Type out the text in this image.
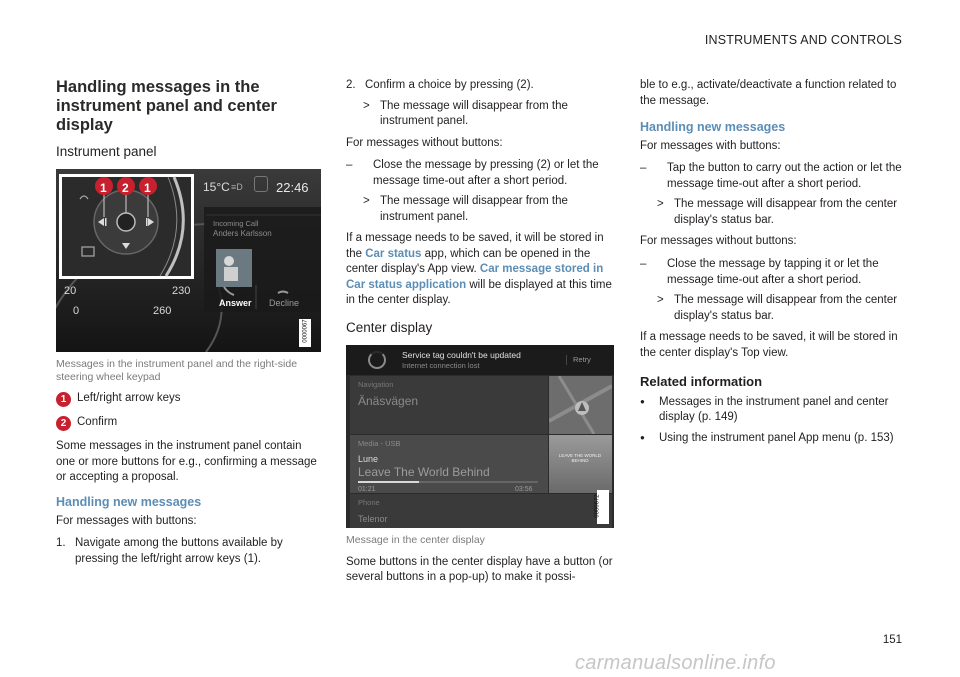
INSTRUMENTS AND CONTROLS
Handling messages in the
instrument panel and center display
Instrument panel
1 2 1	15°C ≡D	22:46
Incoming Call
Anders Karlsson
Answer Decline
20	230
0	260
0000067
Messages in the instrument panel and the right-side steering wheel keypad
1 Left/right arrow keys
2 Confirm

Some messages in the instrument panel contain one or more buttons for e.g., confirming a message or accepting a proposal.

Handling new messages

For messages with buttons:

1. Navigate among the buttons available by pressing the left/right arrow keys (1).
2. Confirm a choice by pressing (2).
> The message will disappear from the instrument panel.

For messages without buttons:

– Close the message by pressing (2) or let the message time-out after a short period.
> The message will disappear from the instrument panel.

If a message needs to be saved, it will be stored in the Car status app, which can be opened in the center display's App view. Car message stored in Car status application will be displayed at this time in the center display.

Center display
Service tag couldn't be updated
Internet connection lost
Retry
Navigation
Änäsvägen
Media - USB
Lune
Leave The World Behind
01:21	03:56
LEAVE THE WORLD BEHIND
Phone
Telenor
0000672
Message in the center display

Some buttons in the center display have a button (or several buttons in a pop-up) to make it possi-

ble to e.g., activate/deactivate a function related to the message.

Handling new messages

For messages with buttons:

– Tap the button to carry out the action or let the message time-out after a short period.
> The message will disappear from the center display's status bar.

For messages without buttons:

– Close the message by tapping it or let the message time-out after a short period.
> The message will disappear from the center display's status bar.

If a message needs to be saved, it will be stored in the center display's Top view.

Related information
● Messages in the instrument panel and center display (p. 149)
● Using the instrument panel App menu (p. 153)
151
carmanualsonline.info
